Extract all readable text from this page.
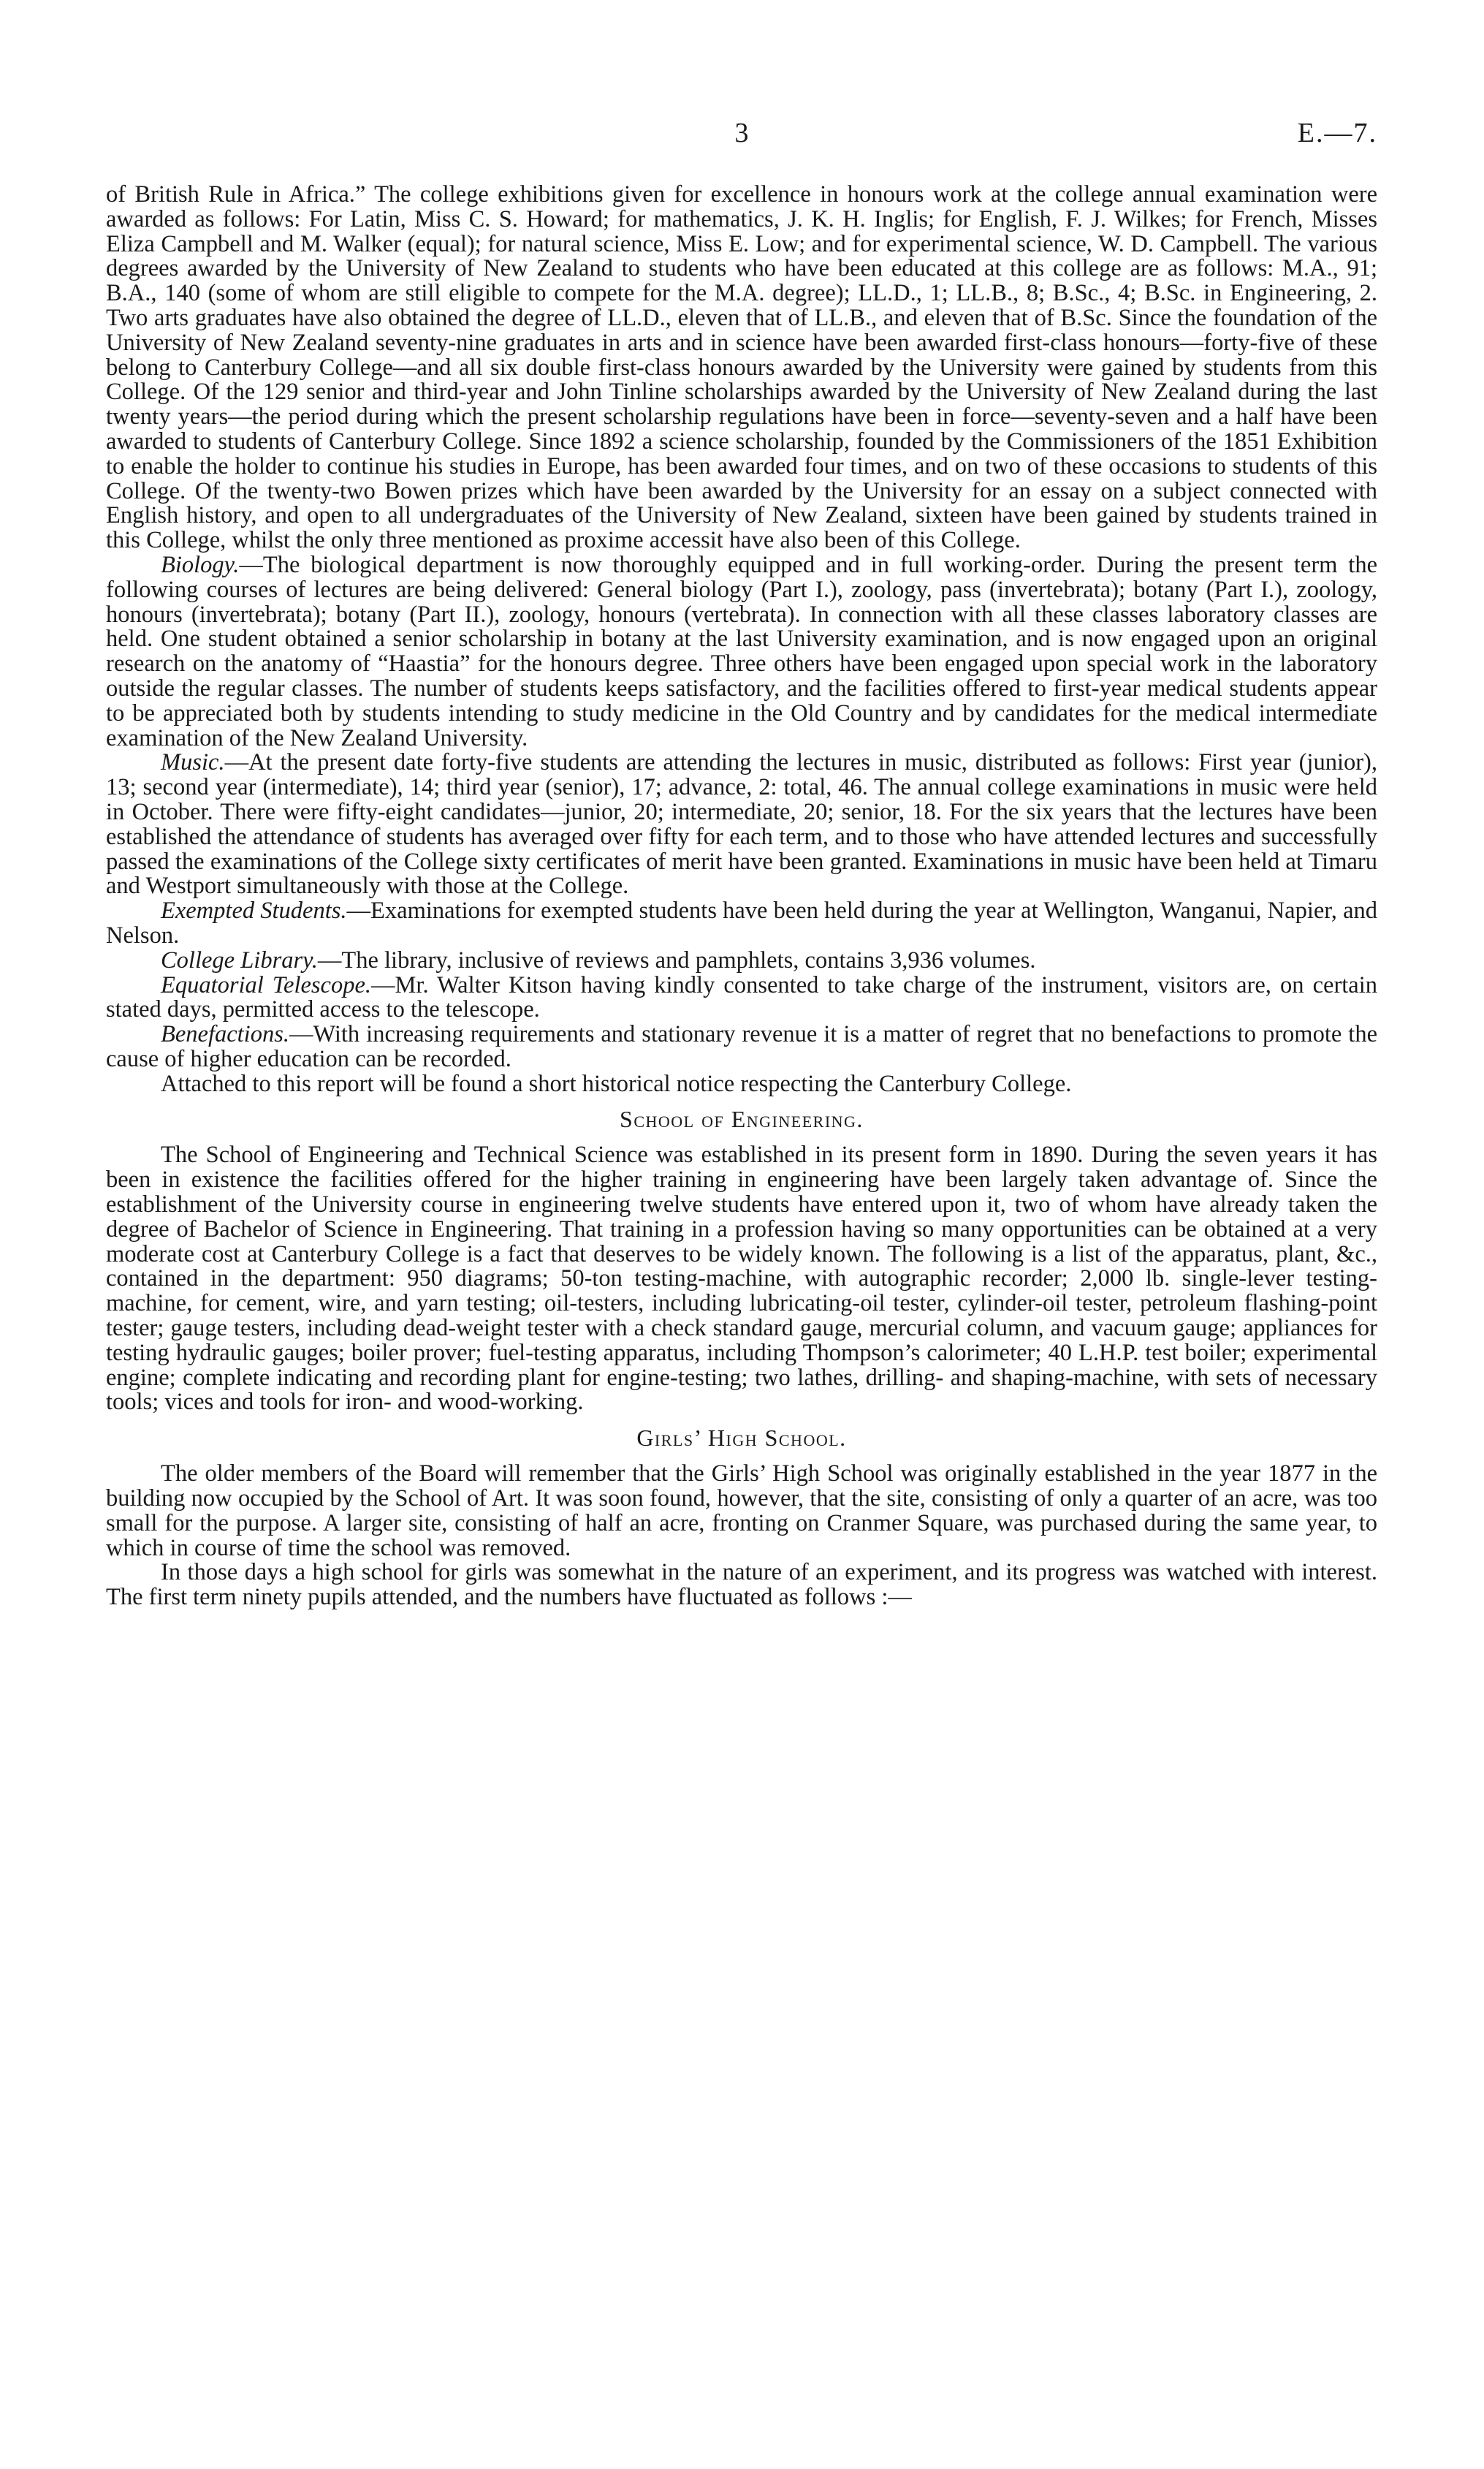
3	E.—7.

of British Rule in Africa.” The college exhibitions given for excellence in honours work at the college annual examination were awarded as follows: For Latin, Miss C. S. Howard; for mathematics, J. K. H. Inglis; for English, F. J. Wilkes; for French, Misses Eliza Campbell and M. Walker (equal); for natural science, Miss E. Low; and for experimental science, W. D. Campbell. The various degrees awarded by the University of New Zealand to students who have been educated at this college are as follows: M.A., 91; B.A., 140 (some of whom are still eligible to compete for the M.A. degree); LL.D., 1; LL.B., 8; B.Sc., 4; B.Sc. in Engineering, 2. Two arts graduates have also obtained the degree of LL.D., eleven that of LL.B., and eleven that of B.Sc. Since the foundation of the University of New Zealand seventy-nine graduates in arts and in science have been awarded first-class honours—forty-five of these belong to Canterbury College—and all six double first-class honours awarded by the University were gained by students from this College. Of the 129 senior and third-year and John Tinline scholarships awarded by the University of New Zealand during the last twenty years—the period during which the present scholarship regulations have been in force—seventy-seven and a half have been awarded to students of Canterbury College. Since 1892 a science scholarship, founded by the Commissioners of the 1851 Exhibition to enable the holder to continue his studies in Europe, has been awarded four times, and on two of these occasions to students of this College. Of the twenty-two Bowen prizes which have been awarded by the University for an essay on a subject connected with English history, and open to all undergraduates of the University of New Zealand, sixteen have been gained by students trained in this College, whilst the only three mentioned as proxime accessit have also been of this College.

Biology.—The biological department is now thoroughly equipped and in full working-order. During the present term the following courses of lectures are being delivered: General biology (Part I.), zoology, pass (invertebrata); botany (Part I.), zoology, honours (invertebrata); botany (Part II.), zoology, honours (vertebrata). In connection with all these classes laboratory classes are held. One student obtained a senior scholarship in botany at the last University examination, and is now engaged upon an original research on the anatomy of “Haastia” for the honours degree. Three others have been engaged upon special work in the laboratory outside the regular classes. The number of students keeps satisfactory, and the facilities offered to first-year medical students appear to be appreciated both by students intending to study medicine in the Old Country and by candidates for the medical intermediate examination of the New Zealand University.

Music.—At the present date forty-five students are attending the lectures in music, distributed as follows: First year (junior), 13; second year (intermediate), 14; third year (senior), 17; advance, 2: total, 46. The annual college examinations in music were held in October. There were fifty-eight candidates—junior, 20; intermediate, 20; senior, 18. For the six years that the lectures have been established the attendance of students has averaged over fifty for each term, and to those who have attended lectures and successfully passed the examinations of the College sixty certificates of merit have been granted. Examinations in music have been held at Timaru and Westport simultaneously with those at the College.

Exempted Students.—Examinations for exempted students have been held during the year at Wellington, Wanganui, Napier, and Nelson.

College Library.—The library, inclusive of reviews and pamphlets, contains 3,936 volumes.

Equatorial Telescope.—Mr. Walter Kitson having kindly consented to take charge of the instrument, visitors are, on certain stated days, permitted access to the telescope.

Benefactions.—With increasing requirements and stationary revenue it is a matter of regret that no benefactions to promote the cause of higher education can be recorded.

Attached to this report will be found a short historical notice respecting the Canterbury College.

School of Engineering.

The School of Engineering and Technical Science was established in its present form in 1890. During the seven years it has been in existence the facilities offered for the higher training in engineering have been largely taken advantage of. Since the establishment of the University course in engineering twelve students have entered upon it, two of whom have already taken the degree of Bachelor of Science in Engineering. That training in a profession having so many opportunities can be obtained at a very moderate cost at Canterbury College is a fact that deserves to be widely known. The following is a list of the apparatus, plant, &c., contained in the department: 950 diagrams; 50-ton testing-machine, with autographic recorder; 2,000 lb. single-lever testing-machine, for cement, wire, and yarn testing; oil-testers, including lubricating-oil tester, cylinder-oil tester, petroleum flashing-point tester; gauge testers, including dead-weight tester with a check standard gauge, mercurial column, and vacuum gauge; appliances for testing hydraulic gauges; boiler prover; fuel-testing apparatus, including Thompson’s calorimeter; 40 L.H.P. test boiler; experimental engine; complete indicating and recording plant for engine-testing; two lathes, drilling- and shaping-machine, with sets of necessary tools; vices and tools for iron- and wood-working.

Girls’ High School.

The older members of the Board will remember that the Girls’ High School was originally established in the year 1877 in the building now occupied by the School of Art. It was soon found, however, that the site, consisting of only a quarter of an acre, was too small for the purpose. A larger site, consisting of half an acre, fronting on Cranmer Square, was purchased during the same year, to which in course of time the school was removed.

In those days a high school for girls was somewhat in the nature of an experiment, and its progress was watched with interest. The first term ninety pupils attended, and the numbers have fluctuated as follows :—
